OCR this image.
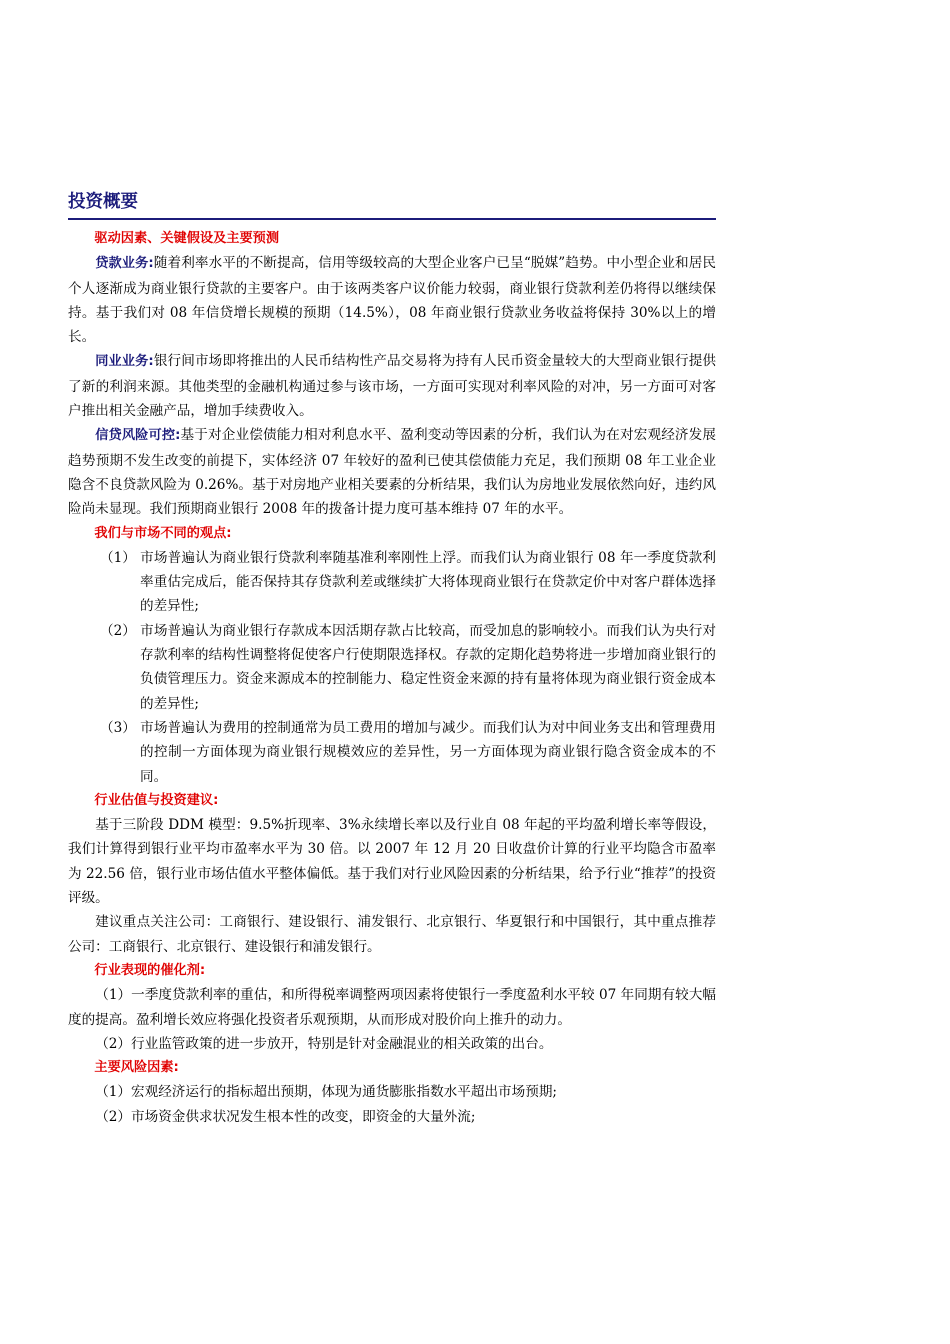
投资概要

驱动因素、关键假设及主要预测

贷款业务:随着利率水平的不断提高，信用等级较高的大型企业客户已呈“脱媒”趋势。中小型企业和居民个人逐渐成为商业银行贷款的主要客户。由于该两类客户议价能力较弱，商业银行贷款利差仍将得以继续保持。基于我们对 08 年信贷增长规模的预期（14.5%），08 年商业银行贷款业务收益将保持 30%以上的增长。

同业业务:银行间市场即将推出的人民币结构性产品交易将为持有人民币资金量较大的大型商业银行提供了新的利润来源。其他类型的金融机构通过参与该市场，一方面可实现对利率风险的对冲，另一方面可对客户推出相关金融产品，增加手续费收入。

信贷风险可控:基于对企业偿债能力相对利息水平、盈利变动等因素的分析，我们认为在对宏观经济发展趋势预期不发生改变的前提下，实体经济 07 年较好的盈利已使其偿债能力充足，我们预期 08 年工业企业隐含不良贷款风险为 0.26%。基于对房地产业相关要素的分析结果，我们认为房地业发展依然向好，违约风险尚未显现。我们预期商业银行 2008 年的拨备计提力度可基本维持 07 年的水平。

我们与市场不同的观点:

（1） 市场普遍认为商业银行贷款利率随基准利率刚性上浮。而我们认为商业银行 08 年一季度贷款利率重估完成后，能否保持其存贷款利差或继续扩大将体现商业银行在贷款定价中对客户群体选择的差异性;

（2） 市场普遍认为商业银行存款成本因活期存款占比较高，而受加息的影响较小。而我们认为央行对存款利率的结构性调整将促使客户行使期限选择权。存款的定期化趋势将进一步增加商业银行的负债管理压力。资金来源成本的控制能力、稳定性资金来源的持有量将体现为商业银行资金成本的差异性;

（3） 市场普遍认为费用的控制通常为员工费用的增加与减少。而我们认为对中间业务支出和管理费用的控制一方面体现为商业银行规模效应的差异性，另一方面体现为商业银行隐含资金成本的不同。

行业估值与投资建议:

基于三阶段 DDM 模型：9.5%折现率、3%永续增长率以及行业自 08 年起的平均盈利增长率等假设，我们计算得到银行业平均市盈率水平为 30 倍。以 2007 年 12 月 20 日收盘价计算的行业平均隐含市盈率为 22.56 倍，银行业市场估值水平整体偏低。基于我们对行业风险因素的分析结果，给予行业“推荐”的投资评级。

建议重点关注公司：工商银行、建设银行、浦发银行、北京银行、华夏银行和中国银行，其中重点推荐公司：工商银行、北京银行、建设银行和浦发银行。

行业表现的催化剂:

（1）一季度贷款利率的重估，和所得税率调整两项因素将使银行一季度盈利水平较 07 年同期有较大幅度的提高。盈利增长效应将强化投资者乐观预期，从而形成对股价向上推升的动力。

（2）行业监管政策的进一步放开，特别是针对金融混业的相关政策的出台。

主要风险因素:

（1）宏观经济运行的指标超出预期，体现为通货膨胀指数水平超出市场预期;

（2）市场资金供求状况发生根本性的改变，即资金的大量外流;
